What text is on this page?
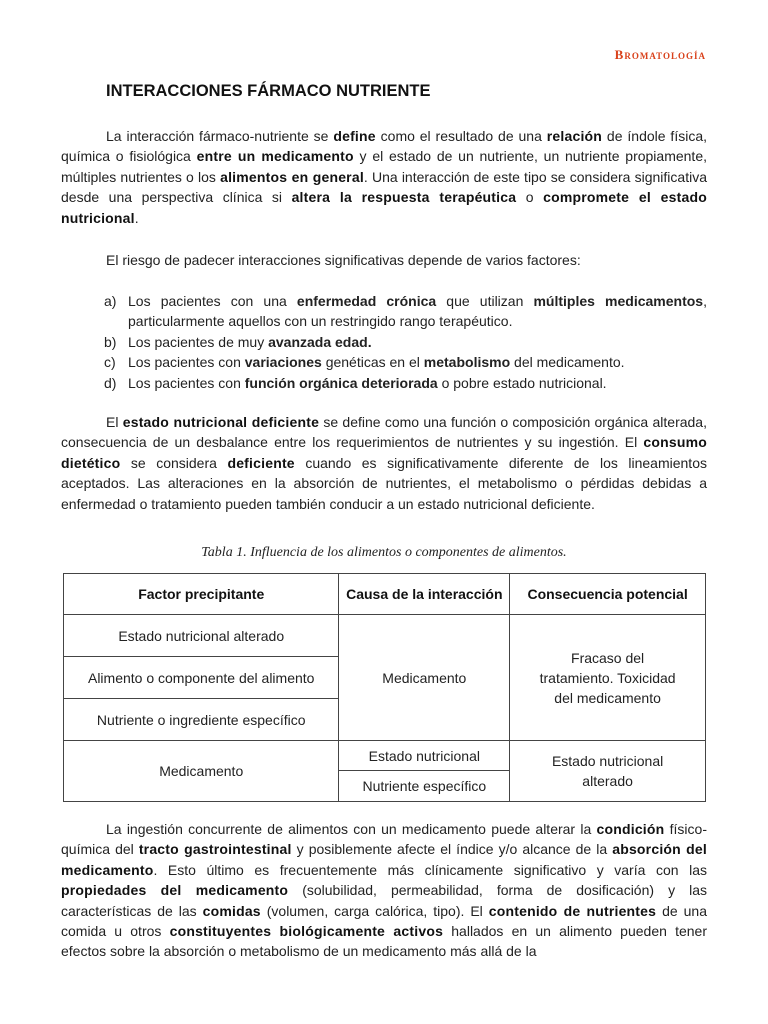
Bromatología
INTERACCIONES FÁRMACO NUTRIENTE

La interacción fármaco-nutriente se define como el resultado de una relación de índole física, química o fisiológica entre un medicamento y el estado de un nutriente, un nutriente propiamente, múltiples nutrientes o los alimentos en general. Una interacción de este tipo se considera significativa desde una perspectiva clínica si altera la respuesta terapéutica o compromete el estado nutricional.

El riesgo de padecer interacciones significativas depende de varios factores:

a) Los pacientes con una enfermedad crónica que utilizan múltiples medicamentos, particularmente aquellos con un restringido rango terapéutico.
b) Los pacientes de muy avanzada edad.
c) Los pacientes con variaciones genéticas en el metabolismo del medicamento.
d) Los pacientes con función orgánica deteriorada o pobre estado nutricional.

El estado nutricional deficiente se define como una función o composición orgánica alterada, consecuencia de un desbalance entre los requerimientos de nutrientes y su ingestión. El consumo dietético se considera deficiente cuando es significativamente diferente de los lineamientos aceptados. Las alteraciones en la absorción de nutrientes, el metabolismo o pérdidas debidas a enfermedad o tratamiento pueden también conducir a un estado nutricional deficiente.

Tabla 1. Influencia de los alimentos o componentes de alimentos.
Factor precipitante	Causa de la interacción	Consecuencia potencial
Estado nutricional alterado	Medicamento	Fracaso del tratamiento. Toxicidad del medicamento
Alimento o componente del alimento		
Nutriente o ingrediente específico		
Medicamento	Estado nutricional	Estado nutricional alterado
	Nutriente específico	

La ingestión concurrente de alimentos con un medicamento puede alterar la condición físico-química del tracto gastrointestinal y posiblemente afecte el índice y/o alcance de la absorción del medicamento. Esto último es frecuentemente más clínicamente significativo y varía con las propiedades del medicamento (solubilidad, permeabilidad, forma de dosificación) y las características de las comidas (volumen, carga calórica, tipo). El contenido de nutrientes de una comida u otros constituyentes biológicamente activos hallados en un alimento pueden tener efectos sobre la absorción o metabolismo de un medicamento más allá de la
